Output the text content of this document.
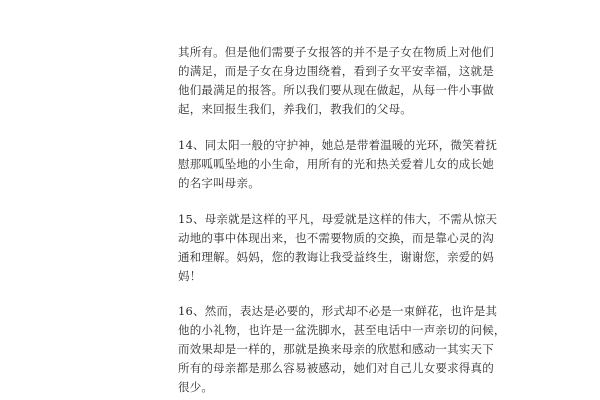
其所有。但是他们需要子女报答的并不是子女在物质上对他们
的满足，而是子女在身边围绕着，看到子女平安幸福，这就是
他们最满足的报答。所以我们要从现在做起，从每一件小事做
起，来回报生我们，养我们，教我们的父母。
14、同太阳一般的守护神，她总是带着温暖的光环，微笑着抚
慰那呱呱坠地的小生命，用所有的光和热关爱着儿女的成长她
的名字叫母亲。
15、母亲就是这样的平凡，母爱就是这样的伟大，不需从惊天
动地的事中体现出来，也不需要物质的交换，而是靠心灵的沟
通和理解。妈妈，您的教诲让我受益终生，谢谢您，亲爱的妈
妈！
16、然而，表达是必要的，形式却不必是一束鲜花，也许是其
他的小礼物，也许是一盆洗脚水，甚至电话中一声亲切的问候，
而效果却是一样的，那就是换来母亲的欣慰和感动一其实天下
所有的母亲都是那么容易被感动，她们对自己儿女要求得真的
很少。
